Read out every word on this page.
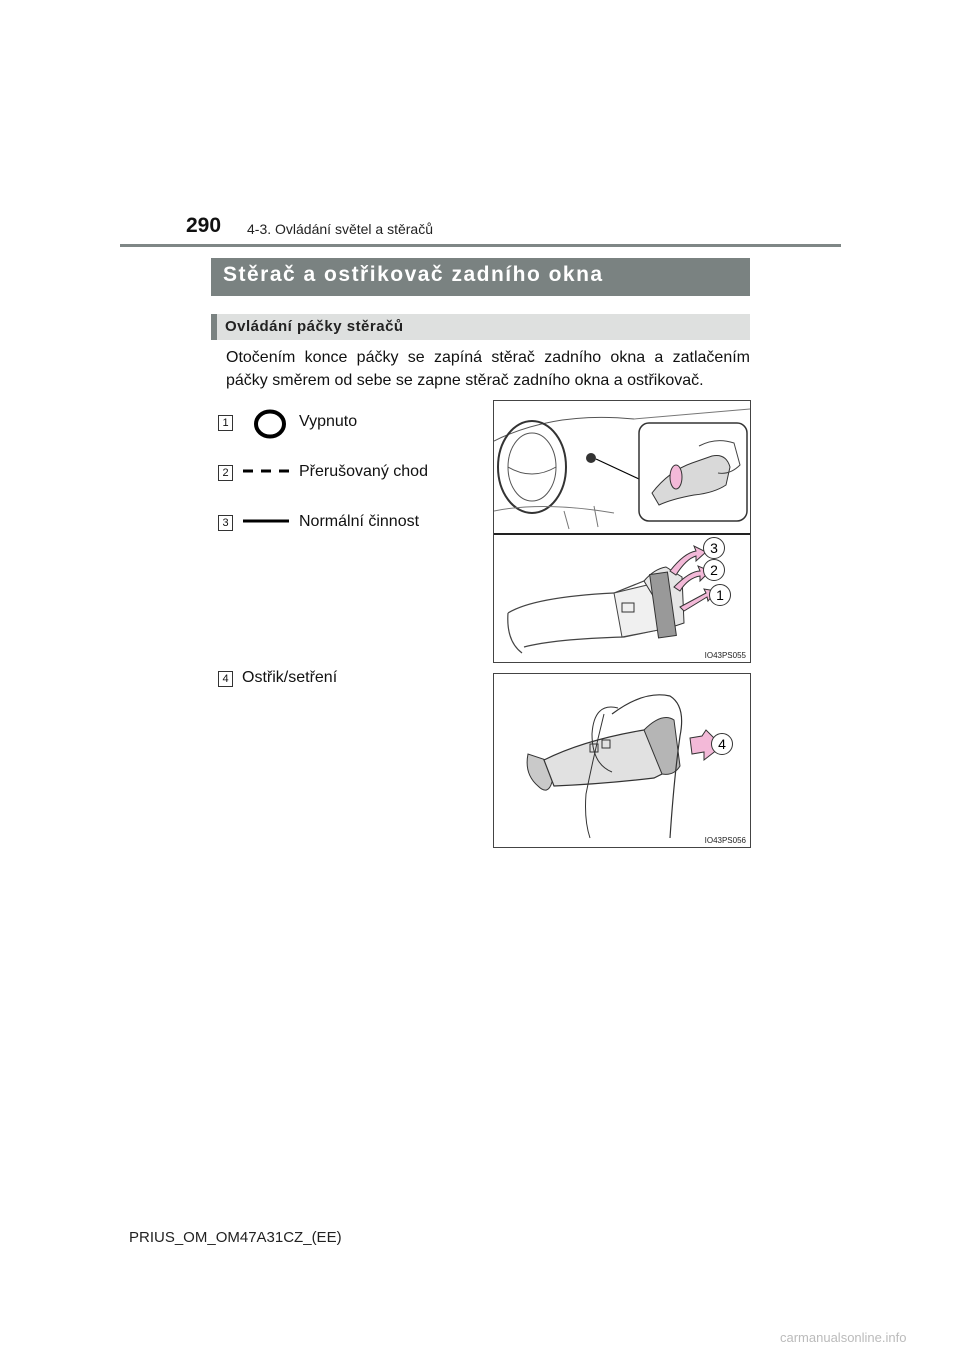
290 4-3. Ovládání světel a stěračů
Stěrač a ostřikovač zadního okna
Ovládání páčky stěračů
Otočením konce páčky se zapíná stěrač zadního okna a zatlačením páčky směrem od sebe se zapne stěrač zadního okna a ostřikovač.
1	Vypnuto
2	Přerušovaný chod
3	Normální činnost
4 Ostřik/setření
3
2
1
IO43PS055
4
IO43PS056
PRIUS_OM_OM47A31CZ_(EE)
carmanualsonline.info
